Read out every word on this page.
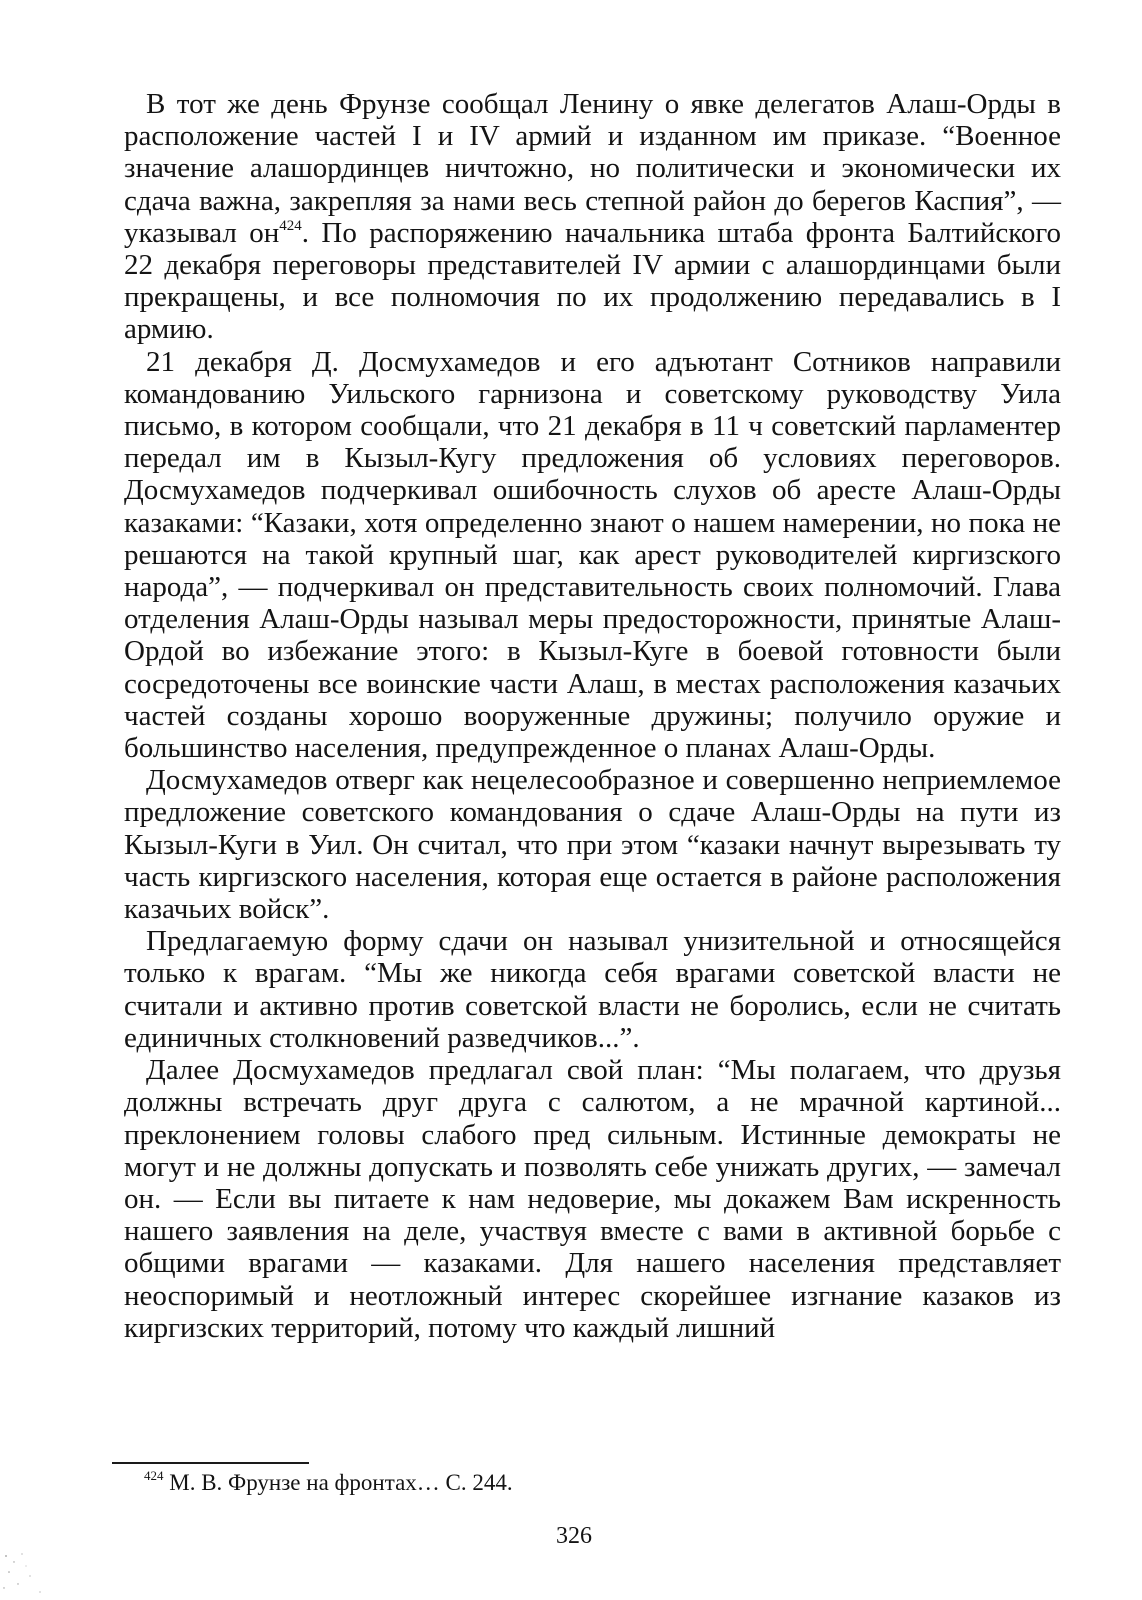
В тот же день Фрунзе сообщал Ленину о явке делегатов Алаш-Орды в расположение частей I и IV армий и изданном им приказе. “Военное значение алашординцев ничтожно, но политически и экономически их сдача важна, закрепляя за нами весь степной район до берегов Каспия”, — указывал он$^{424}$. По распоряжению начальника штаба фронта Балтийского 22 декабря переговоры представителей IV армии с алашординцами были прекращены, и все полномочия по их продолжению передавались в I армию.

21 декабря Д. Досмухамедов и его адъютант Сотников направили командованию Уильского гарнизона и советскому руководству Уила письмо, в котором сообщали, что 21 декабря в 11 ч советский парламентер передал им в Кызыл-Кугу предложения об условиях переговоров. Досмухамедов подчеркивал ошибочность слухов об аресте Алаш-Орды казаками: “Казаки, хотя определенно знают о нашем намерении, но пока не решаются на такой крупный шаг, как арест руководителей киргизского народа”, — подчеркивал он представительность своих полномочий. Глава отделения Алаш-Орды называл меры предосторожности, принятые Алаш-Ордой во избежание этого: в Кызыл-Куге в боевой готовности были сосредоточены все воинские части Алаш, в местах расположения казачьих частей созданы хорошо вооруженные дружины; получило оружие и большинство населения, предупрежденное о планах Алаш-Орды.

Досмухамедов отверг как нецелесообразное и совершенно неприемлемое предложение советского командования о сдаче Алаш-Орды на пути из Кызыл-Куги в Уил. Он считал, что при этом “казаки начнут вырезывать ту часть киргизского населения, которая еще остается в районе расположения казачьих войск”.

Предлагаемую форму сдачи он называл унизительной и относящейся только к врагам. “Мы же никогда себя врагами советской власти не считали и активно против советской власти не боролись, если не считать единичных столкновений разведчиков...”.

Далее Досмухамедов предлагал свой план: “Мы полагаем, что друзья должны встречать друг друга с салютом, а не мрачной картиной... преклонением головы слабого пред сильным. Истинные демократы не могут и не должны допускать и позволять себе унижать других, — замечал он. — Если вы питаете к нам недоверие, мы докажем Вам искренность нашего заявления на деле, участвуя вместе с вами в активной борьбе с общими врагами — казаками. Для нашего населения представляет неоспоримый и неотложный интерес скорейшее изгнание казаков из киргизских территорий, потому что каждый лишний

$^{424}$ М. В. Фрунзе на фронтах… С. 244.
326
